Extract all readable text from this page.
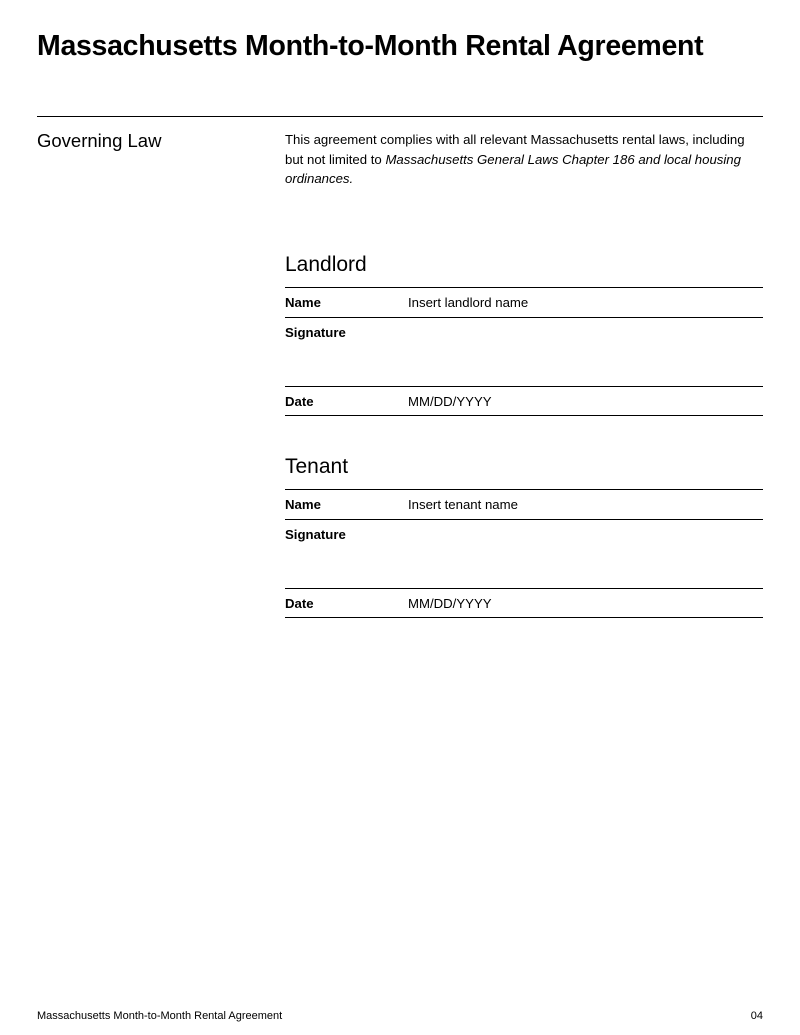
Massachusetts Month-to-Month Rental Agreement
Governing Law	This agreement complies with all relevant Massachusetts rental laws, including but not limited to Massachusetts General Laws Chapter 186 and local housing ordinances.

Landlord
Name	Insert landlord name
Signature
Date	MM/DD/YYYY
Tenant
Name	Insert tenant name
Signature
Date	MM/DD/YYYY
Massachusetts Month-to-Month Rental Agreement	04
